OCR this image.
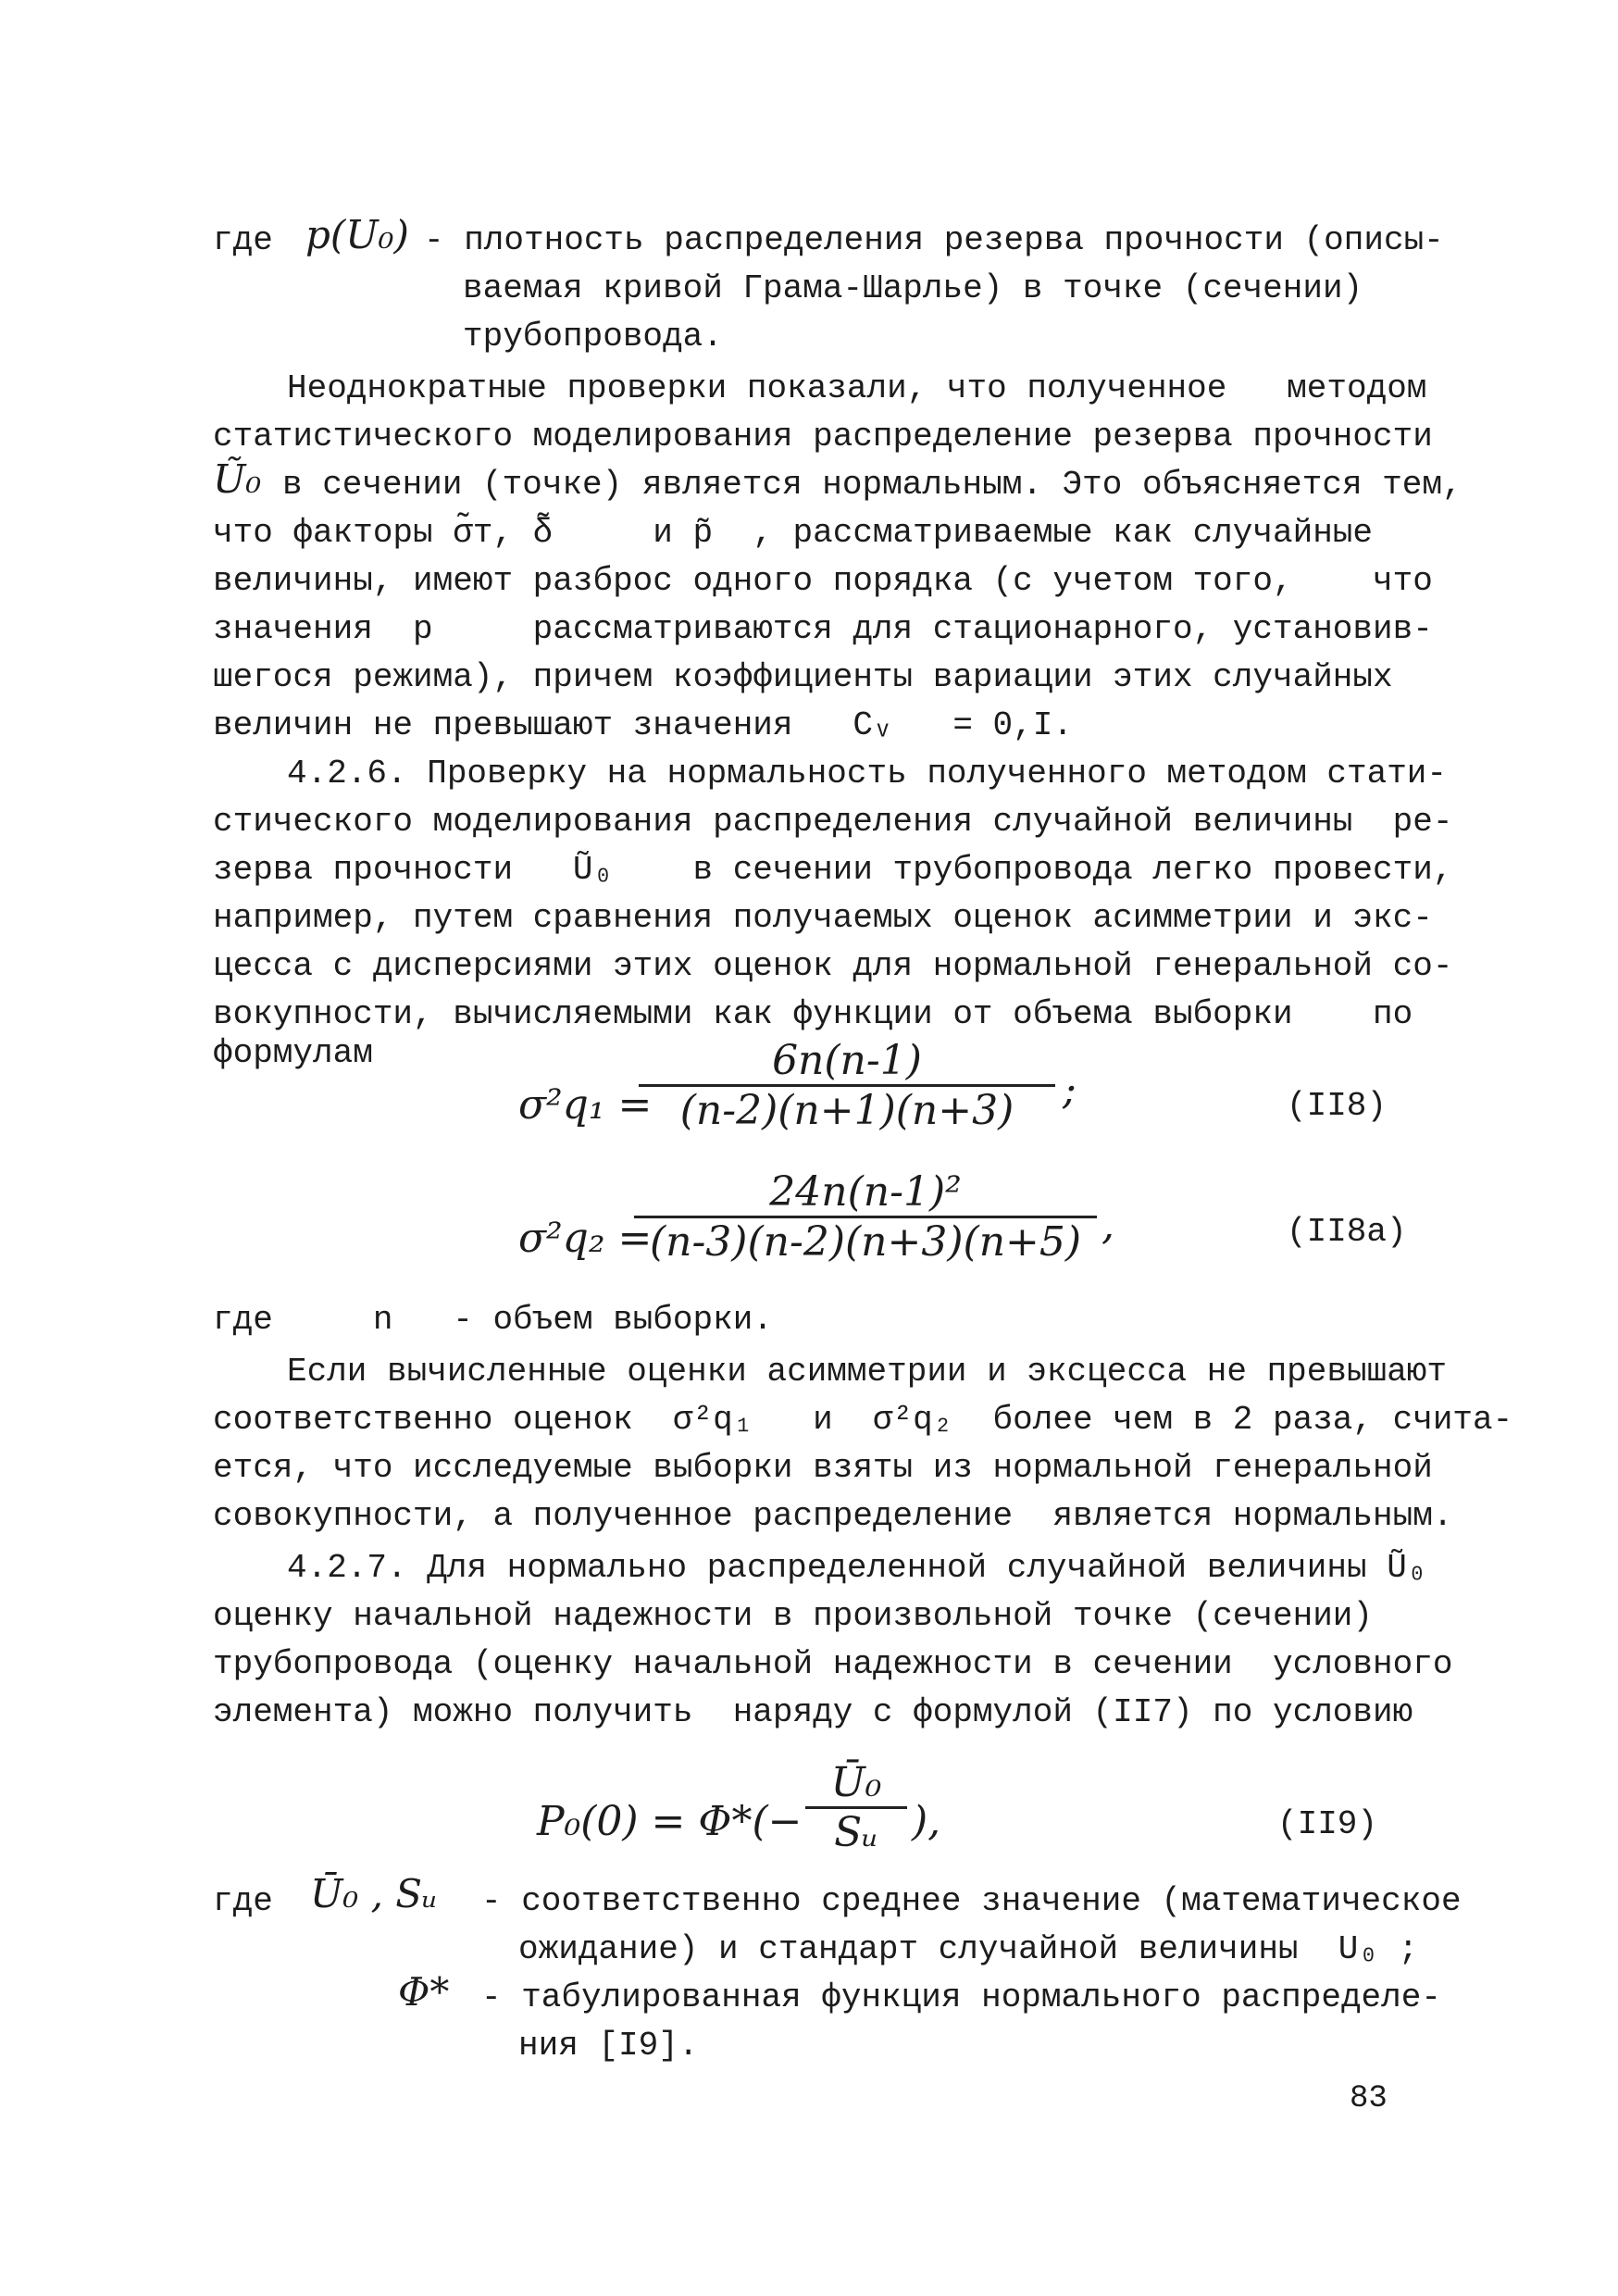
где p(U₀) - плотность распределения резерва прочности (описы-
ваемая кривой Грама-Шарлье) в точке (сечении)
трубопровода.
Неоднократные проверки показали, что полученное   методом
статистического моделирования распределение резерва прочности
Ũ₀ в сечении (точке) является нормальным. Это объясняется тем,
что факторы σ̃т, δ̃     и p̃  , рассматриваемые как случайные
величины, имеют разброс одного порядка (с учетом того,    что
значения  p     рассматриваются для стационарного, установив-
шегося режима), причем коэффициенты вариации этих случайных
величин не превышают значения   Cᵥ   = 0,I.
4.2.6. Проверку на нормальность полученного методом стати-
стического моделирования распределения случайной величины  ре-
зерва прочности   Ũ₀    в сечении трубопровода легко провести,
например, путем сравнения получаемых оценок асимметрии и экс-
цесса с дисперсиями этих оценок для нормальной генеральной со-
вокупности, вычисляемыми как функции от объема выборки    по
формулам
σ²q₁ =
6n(n-1)
(n-2)(n+1)(n+3)	;	(II8)
σ²q₂ =
24n(n-1)²
(n-3)(n-2)(n+3)(n+5) ,	(II8а)
где     n   - объем выборки.
Если вычисленные оценки асимметрии и эксцесса не превышают
соответственно оценок  σ²q₁   и  σ²q₂  более чем в 2 раза, счита-
ется, что исследуемые выборки взяты из нормальной генеральной
совокупности, а полученное распределение  является нормальным.
4.2.7. Для нормально распределенной случайной величины Ũ₀
оценку начальной надежности в произвольной точке (сечении)
трубопровода (оценку начальной надежности в сечении  условного
элемента) можно получить  наряду с формулой (II7) по условию
P₀(0) = Φ*(−
Ū₀
Sᵤ ),	(II9)
где Ū₀ , Sᵤ - соответственно среднее значение (математическое
ожидание) и стандарт случайной величины  U₀ ;
Φ* - табулированная функция нормального распределе-
ния [I9].
83
